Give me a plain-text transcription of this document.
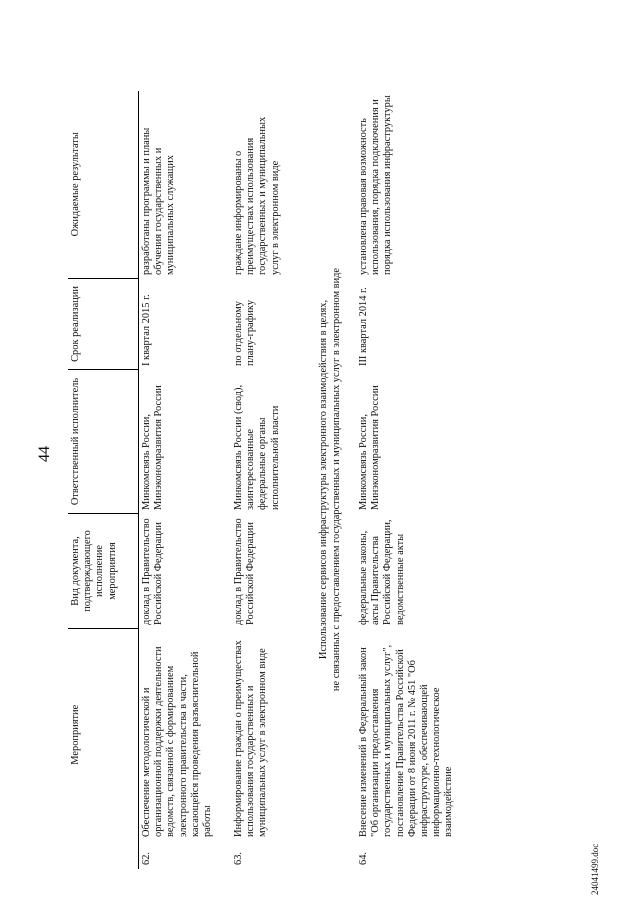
44
	Мероприятие	Вид документа, подтверждающего исполнение мероприятия	Ответственный исполнитель	Срок реализации	Ожидаемые результаты
62.	Обеспечение методологической и организационной поддержки деятельности ведомств, связанной с формированием электронного правительства в части, касающейся проведения разъяснительной работы	доклад в Правительство Российской Федерации	Минкомсвязь России, Минэкономразвития России	I квартал 2015 г.	разработаны программы и планы обучения государственных и муниципальных служащих
63.	Информирование граждан о преимуществах использования государственных и муниципальных услуг в электронном виде	доклад в Правительство Российской Федерации	Минкомсвязь России (свод), заинтересованные федеральные органы исполнительной власти	по отдельному плану-графику	граждане информированы о преимуществах использования государственных и муниципальных услуг в электронном виде
Использование сервисов инфраструктуры электронного взаимодействия в целях, не связанных с предоставлением государственных и муниципальных услуг в электронном виде					
64.	Внесение изменений в Федеральный закон "Об организации предоставления государственных и муниципальных услуг", постановление Правительства Российской Федерации от 8 июня 2011 г. № 451 "Об инфраструктуре, обеспечивающей информационно-технологическое взаимодействие	федеральные законы, акты Правительства Российской Федерации, ведомственные акты	Минкомсвязь России, Минэкономразвития России	III квартал 2014 г.	установлена правовая возможность использования, порядка подключения и порядка использования инфраструктуры
24041499.doc
